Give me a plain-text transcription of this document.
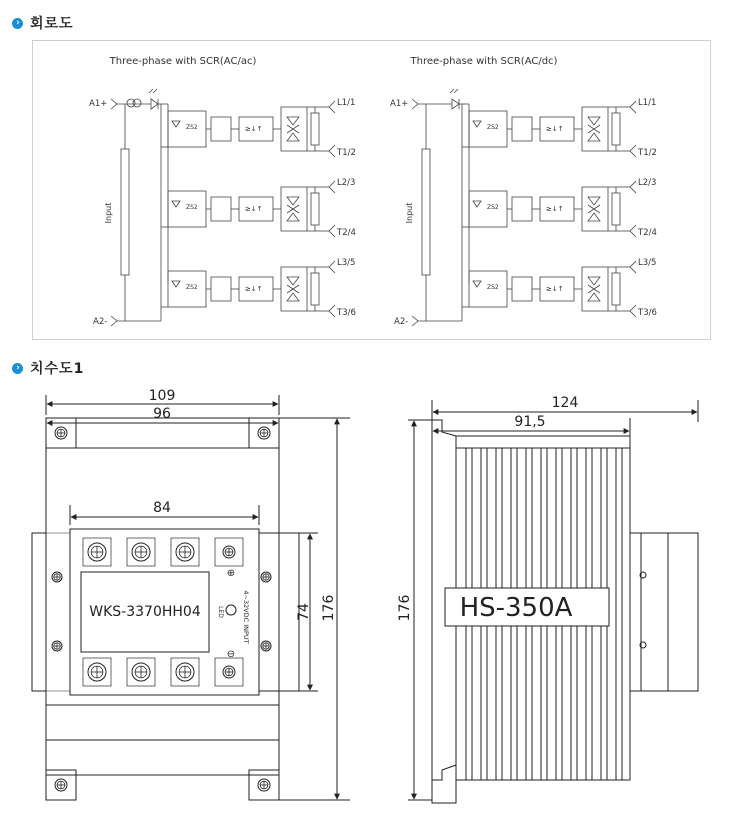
› 회로도
Three-phase with SCR(AC/ac)
A1+
A2-
Input
ZS2	≥↓↑
L1/1
T1/2
ZS2	≥↓↑
L2/3
T2/4
ZS2	≥↓↑
L3/5
T3/6
Three-phase with SCR(AC/dc)
A1+
A2-
Input
ZS2	≥↓↑
L1/1
T1/2
ZS2	≥↓↑
L2/3
T2/4
ZS2	≥↓↑
L3/5
T3/6
› 치수도1
109
96
84
74 176
WKS-3370HH04	LED	4~32VDC INPUT
⊕
⊖
124
91,5
176 HS-350A
